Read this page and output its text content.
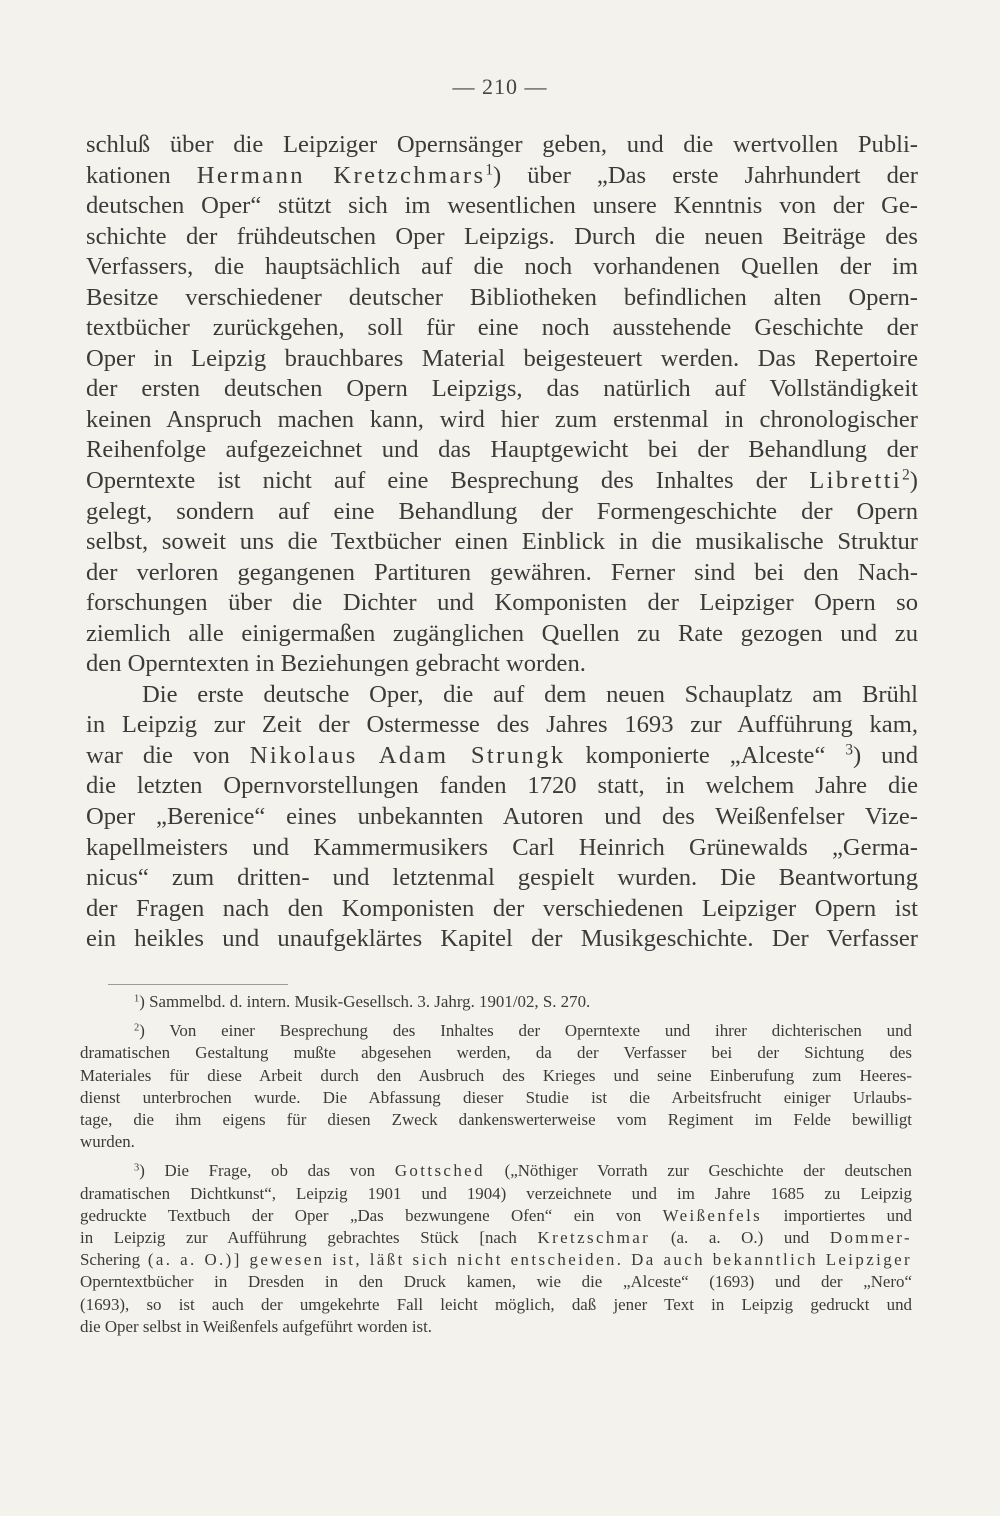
— 210 —
schluß über die Leipziger Opernsänger geben, und die wertvollen Publi-
kationen Hermann Kretzchmars$^1$) über „Das erste Jahrhundert der
deutschen Oper“ stützt sich im wesentlichen unsere Kenntnis von der Ge-
schichte der frühdeutschen Oper Leipzigs. Durch die neuen Beiträge des
Verfassers, die hauptsächlich auf die noch vorhandenen Quellen der im
Besitze verschiedener deutscher Bibliotheken befindlichen alten Opern-
textbücher zurückgehen, soll für eine noch ausstehende Geschichte der
Oper in Leipzig brauchbares Material beigesteuert werden. Das Repertoire
der ersten deutschen Opern Leipzigs, das natürlich auf Vollständigkeit
keinen Anspruch machen kann, wird hier zum erstenmal in chronologischer
Reihenfolge aufgezeichnet und das Hauptgewicht bei der Behandlung der
Operntexte ist nicht auf eine Besprechung des Inhaltes der Libretti$^2$)
gelegt, sondern auf eine Behandlung der Formengeschichte der Opern
selbst, soweit uns die Textbücher einen Einblick in die musikalische Struktur
der verloren gegangenen Partituren gewähren. Ferner sind bei den Nach-
forschungen über die Dichter und Komponisten der Leipziger Opern so
ziemlich alle einigermaßen zugänglichen Quellen zu Rate gezogen und zu
den Operntexten in Beziehungen gebracht worden.
Die erste deutsche Oper, die auf dem neuen Schauplatz am Brühl
in Leipzig zur Zeit der Ostermesse des Jahres 1693 zur Aufführung kam,
war die von Nikolaus Adam Strungk komponierte „Alceste“ $^3$) und
die letzten Opernvorstellungen fanden 1720 statt, in welchem Jahre die
Oper „Berenice“ eines unbekannten Autoren und des Weißenfelser Vize-
kapellmeisters und Kammermusikers Carl Heinrich Grünewalds „Germa-
nicus“ zum dritten- und letztenmal gespielt wurden. Die Beantwortung
der Fragen nach den Komponisten der verschiedenen Leipziger Opern ist
ein heikles und unaufgeklärtes Kapitel der Musikgeschichte. Der Verfasser
$^1$) Sammelbd. d. intern. Musik-Gesellsch. 3. Jahrg. 1901/02, S. 270.
$^2$) Von einer Besprechung des Inhaltes der Operntexte und ihrer dichterischen und
dramatischen Gestaltung mußte abgesehen werden, da der Verfasser bei der Sichtung des
Materiales für diese Arbeit durch den Ausbruch des Krieges und seine Einberufung zum Heeres-
dienst unterbrochen wurde. Die Abfassung dieser Studie ist die Arbeitsfrucht einiger Urlaubs-
tage, die ihm eigens für diesen Zweck dankenswerterweise vom Regiment im Felde bewilligt
wurden.
$^3$) Die Frage, ob das von Gottsched („Nöthiger Vorrath zur Geschichte der deutschen
dramatischen Dichtkunst“, Leipzig 1901 und 1904) verzeichnete und im Jahre 1685 zu Leipzig
gedruckte Textbuch der Oper „Das bezwungene Ofen“ ein von Weißenfels importiertes und
in Leipzig zur Aufführung gebrachtes Stück [nach Kretzschmar (a. a. O.) und Dommer-
Schering (a. a. O.)] gewesen ist, läßt sich nicht entscheiden. Da auch bekanntlich Leipziger
Operntextbücher in Dresden in den Druck kamen, wie die „Alceste“ (1693) und der „Nero“
(1693), so ist auch der umgekehrte Fall leicht möglich, daß jener Text in Leipzig gedruckt und
die Oper selbst in Weißenfels aufgeführt worden ist.
